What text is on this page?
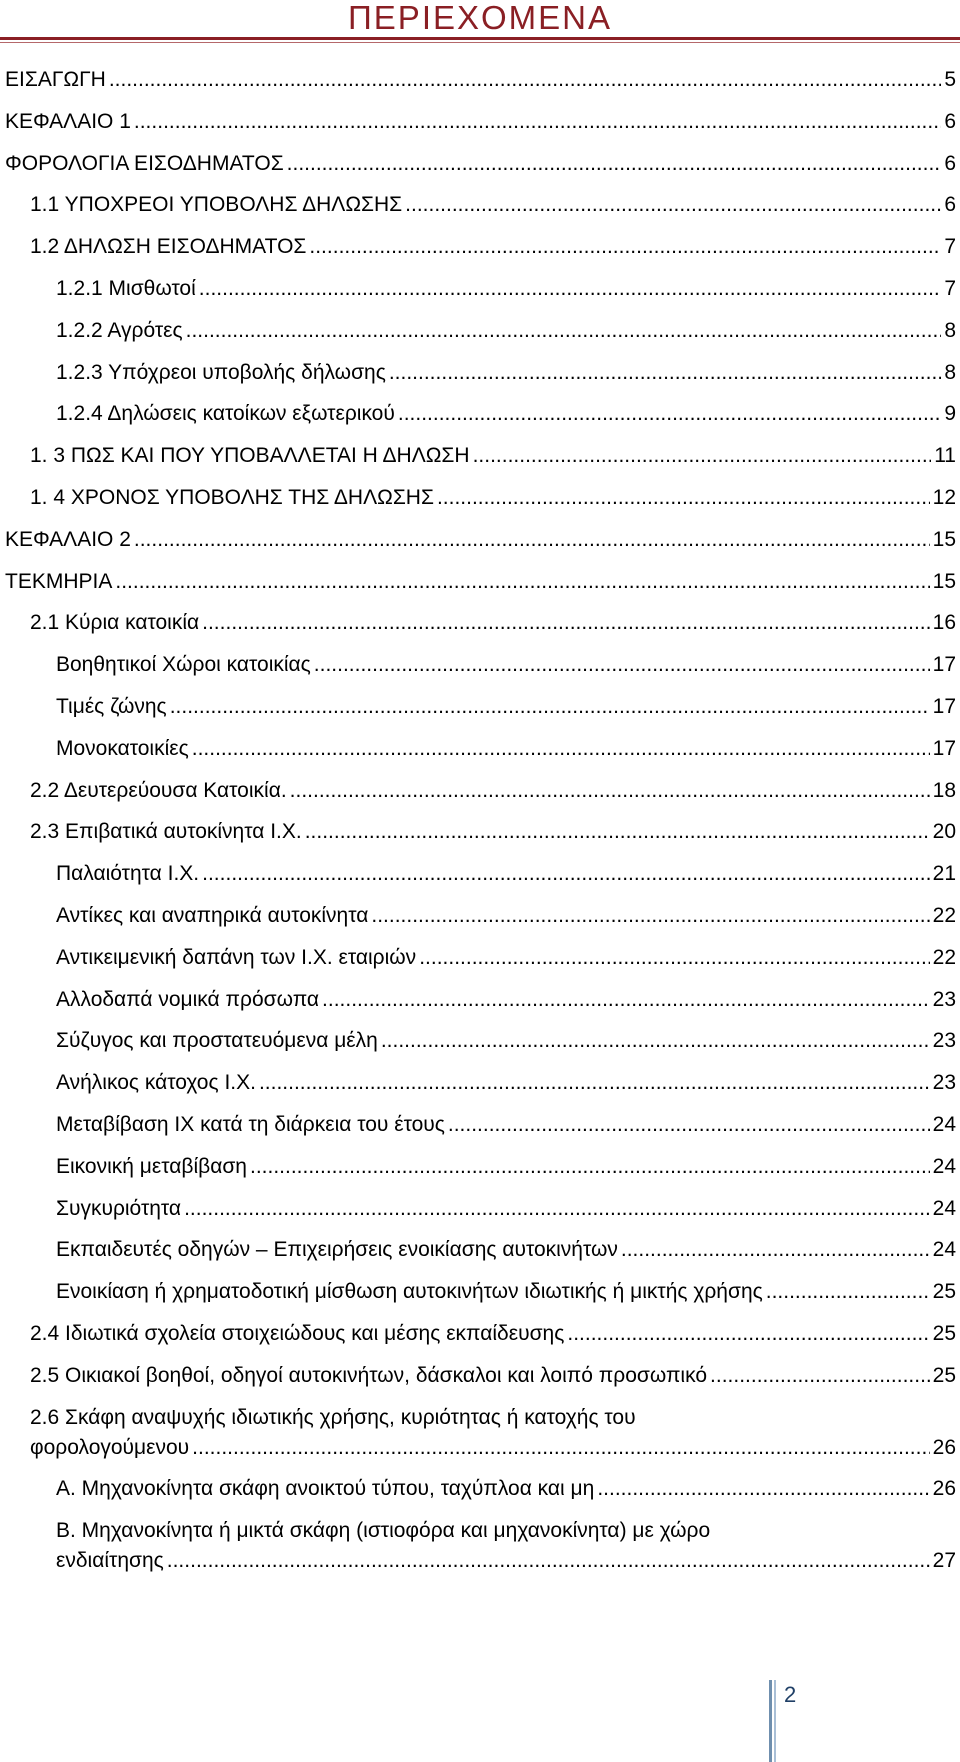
ΠΕΡΙΕΧΟΜΕΝΑ
ΕΙΣΑΓΩΓΗ .....	5
ΚΕΦΑΛΑΙΟ 1 .....	6
ΦΟΡΟΛΟΓΙΑ ΕΙΣΟΔΗΜΑΤΟΣ .....	6
1.1 ΥΠΟΧΡΕΟΙ ΥΠΟΒΟΛΗΣ ΔΗΛΩΣΗΣ .....	6
1.2 ΔΗΛΩΣΗ ΕΙΣΟΔΗΜΑΤΟΣ .....	7
1.2.1 Μισθωτοί .....	7
1.2.2 Αγρότες .....	8
1.2.3 Υπόχρεοι υποβολής δήλωσης .....	8
1.2.4 Δηλώσεις κατοίκων εξωτερικού .....	9
1. 3 ΠΩΣ ΚΑΙ ΠΟΥ ΥΠΟΒΑΛΛΕΤΑΙ Η ΔΗΛΩΣΗ .....	11
1. 4 ΧΡΟΝΟΣ ΥΠΟΒΟΛΗΣ ΤΗΣ ΔΗΛΩΣΗΣ .....	12
ΚΕΦΑΛΑΙΟ 2 .....	15
ΤΕΚΜΗΡΙΑ .....	15
2.1 Κύρια κατοικία .....	16
Βοηθητικοί Χώροι κατοικίας .....	17
Τιμές ζώνης .....	17
Μονοκατοικίες .....	17
2.2 Δευτερεύουσα Κατοικία. .....	18
2.3 Επιβατικά αυτοκίνητα Ι.Χ. .....	20
Παλαιότητα Ι.Χ. .....	21
Αντίκες και αναπηρικά αυτοκίνητα .....	22
Αντικειμενική δαπάνη των Ι.Χ. εταιριών .....	22
Αλλοδαπά νομικά πρόσωπα .....	23
Σύζυγος και προστατευόμενα μέλη .....	23
Ανήλικος κάτοχος Ι.Χ. .....	23
Μεταβίβαση ΙΧ κατά τη διάρκεια του έτους .....	24
Εικονική μεταβίβαση .....	24
Συγκυριότητα .....	24
Εκπαιδευτές οδηγών – Επιχειρήσεις ενοικίασης αυτοκινήτων .....	24
Ενοικίαση ή χρηματοδοτική μίσθωση αυτοκινήτων ιδιωτικής ή μικτής χρήσης .....	25
2.4 Ιδιωτικά σχολεία στοιχειώδους και μέσης εκπαίδευσης .....	25
2.5 Οικιακοί βοηθοί, οδηγοί αυτοκινήτων, δάσκαλοι και λοιπό προσωπικό .....	25
2.6 Σκάφη αναψυχής ιδιωτικής χρήσης, κυριότητας ή κατοχής του
φορολογούμενου .....	26
Α. Μηχανοκίνητα σκάφη ανοικτού τύπου, ταχύπλοα και μη .....	26
Β. Μηχανοκίνητα ή μικτά σκάφη (ιστιοφόρα και μηχανοκίνητα) με χώρο
ενδιαίτησης .....	27
2
